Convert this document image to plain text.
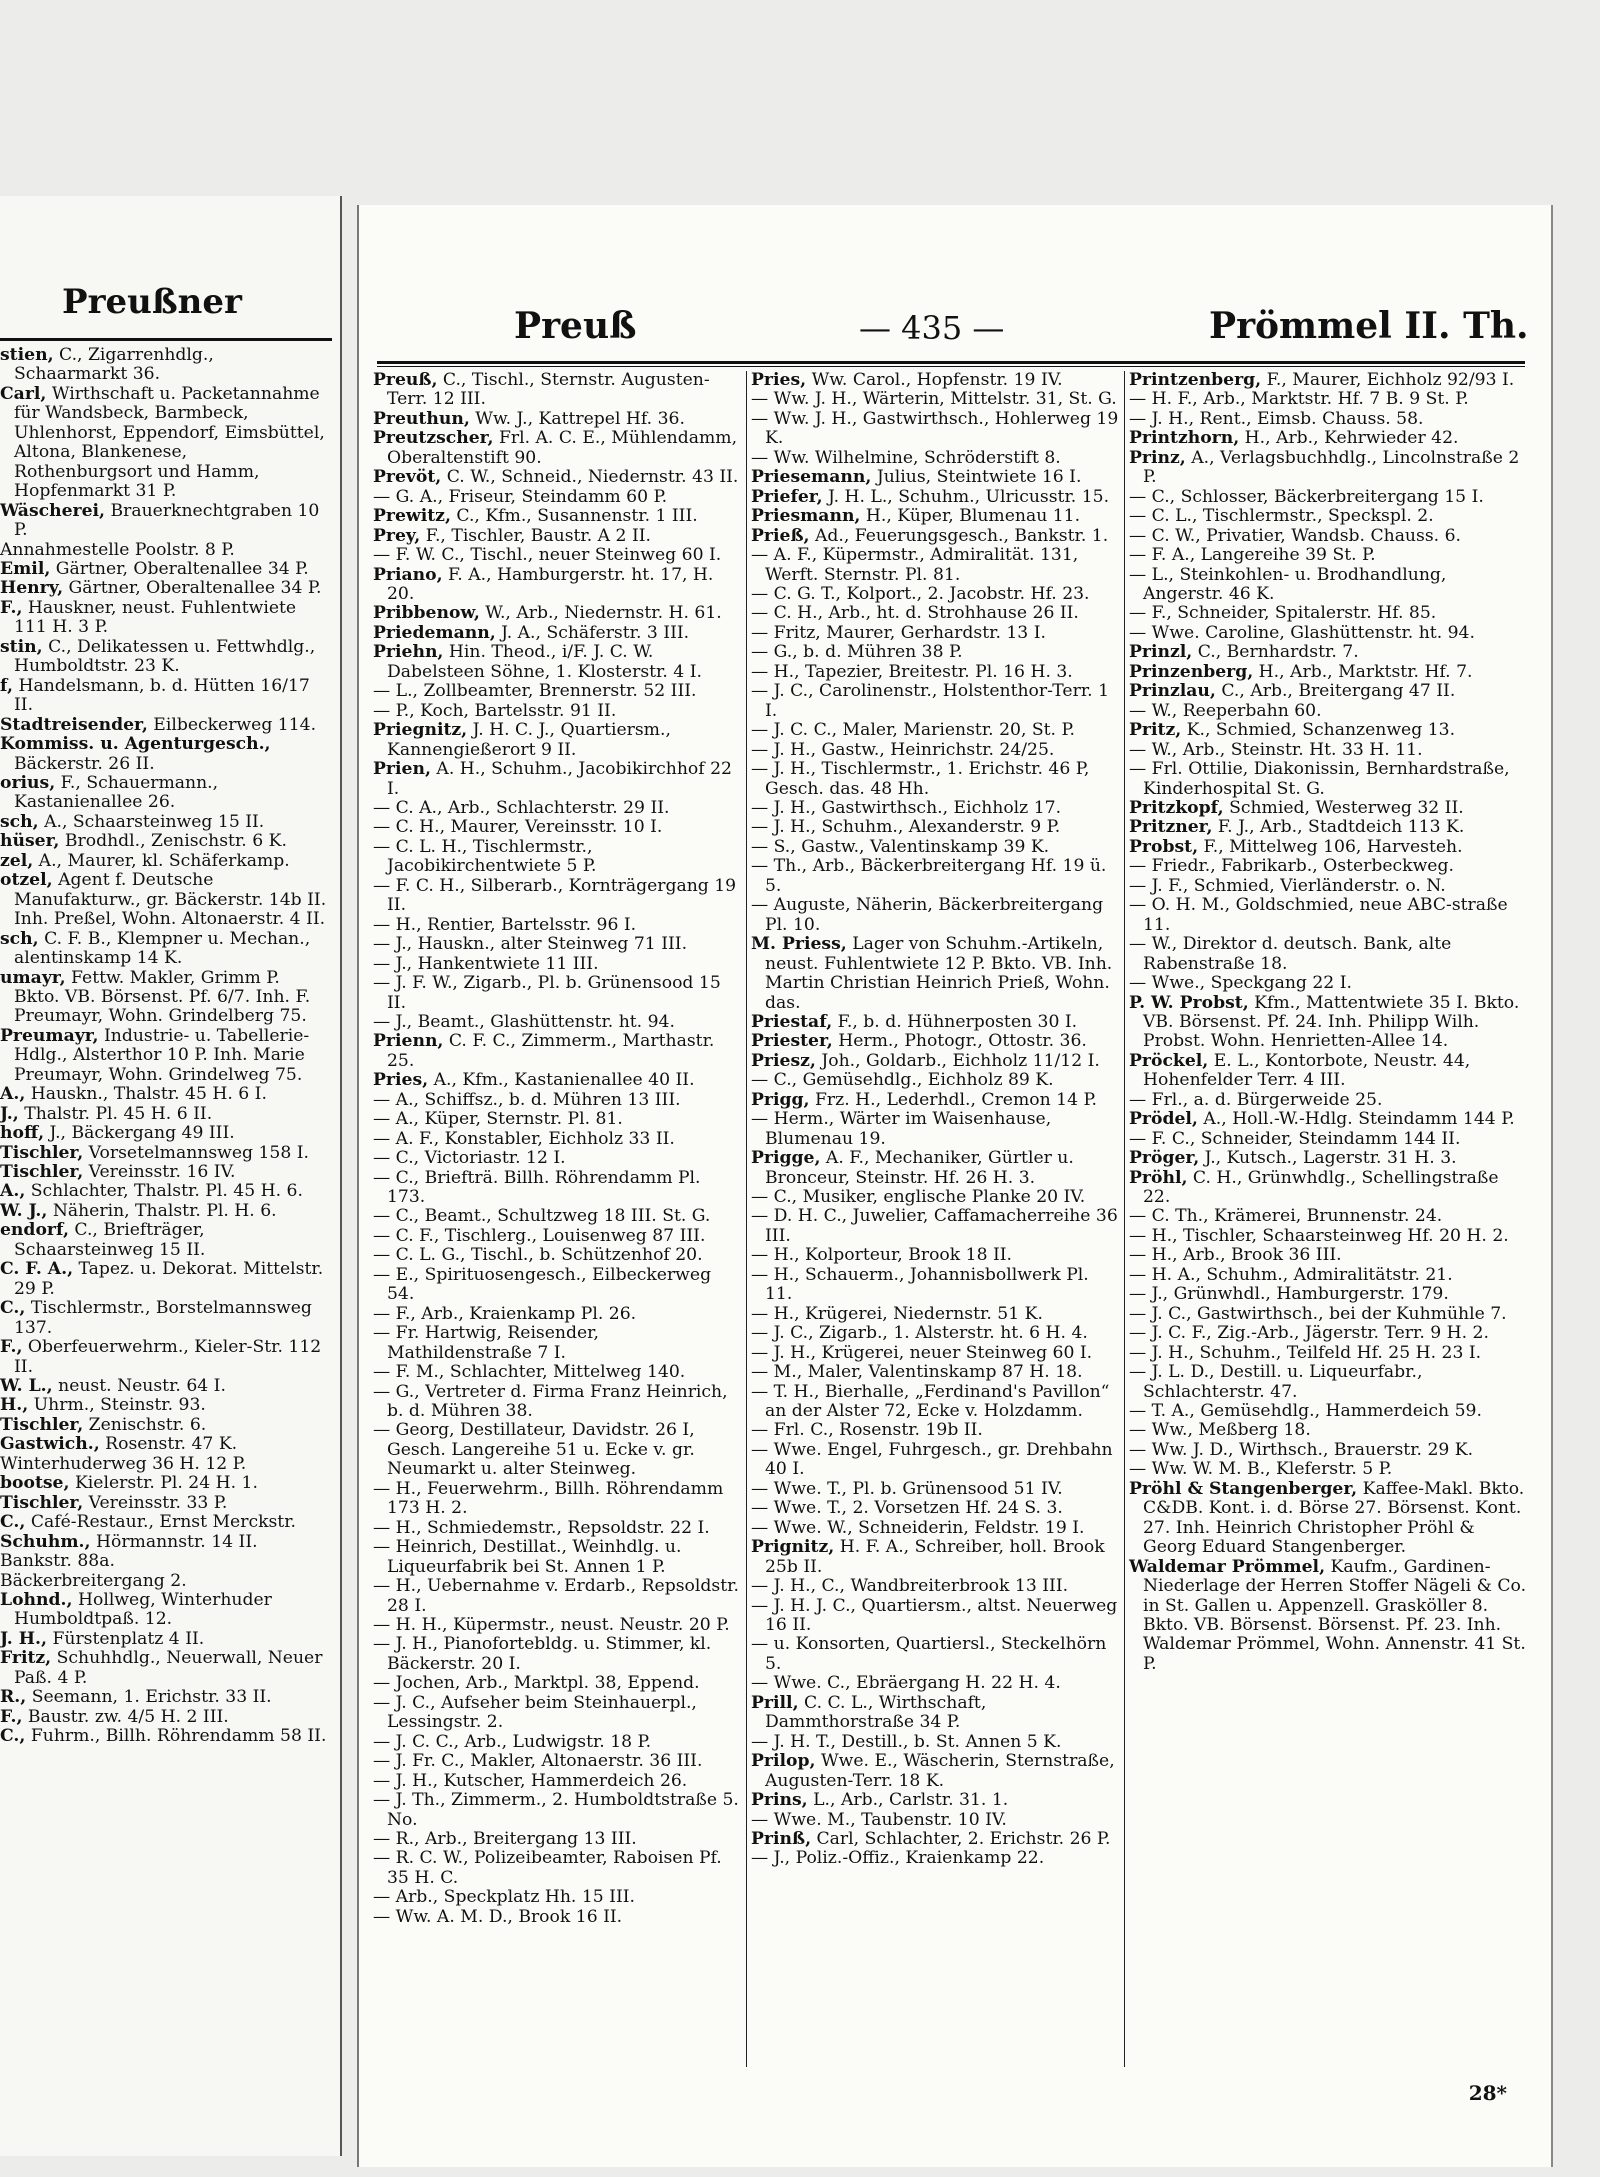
Preußner
stien, C., Zigarrenhdlg., Schaarmarkt 36.
Carl, Wirthschaft u. Packetannahme für Wandsbeck, Barmbeck, Uhlenhorst, Eppendorf, Eimsbüttel, Altona, Blankenese, Rothenburgsort und Hamm, Hopfenmarkt 31 P.
Wäscherei, Brauerknechtgraben 10 P.
Annahmestelle Poolstr. 8 P.
Emil, Gärtner, Oberaltenallee 34 P.
Henry, Gärtner, Oberaltenallee 34 P.
F., Hauskner, neust. Fuhlentwiete 111 H. 3 P.
stin, C., Delikatessen u. Fettwhdlg., Humboldtstr. 23 K.
f, Handelsmann, b. d. Hütten 16/17 II.
Stadtreisender, Eilbeckerweg 114.
Kommiss. u. Agenturgesch., Bäckerstr. 26 II.
orius, F., Schauermann., Kastanienallee 26.
sch, A., Schaarsteinweg 15 II.
hüser, Brodhdl., Zenischstr. 6 K.
zel, A., Maurer, kl. Schäferkamp.
otzel, Agent f. Deutsche Manufakturw., gr. Bäckerstr. 14b II. Inh. Preßel, Wohn. Altonaerstr. 4 II.
sch, C. F. B., Klempner u. Mechan., alentinskamp 14 K.
umayr, Fettw. Makler, Grimm P. Bkto. VB. Börsenst. Pf. 6/7. Inh. F. Preumayr, Wohn. Grindelberg 75.
Preumayr, Industrie- u. Tabellerie-Hdlg., Alsterthor 10 P. Inh. Marie Preumayr, Wohn. Grindelweg 75.
A., Hauskn., Thalstr. 45 H. 6 I.
J., Thalstr. Pl. 45 H. 6 II.
hoff, J., Bäckergang 49 III.
Tischler, Vorsetelmannsweg 158 I.
Tischler, Vereinsstr. 16 IV.
A., Schlachter, Thalstr. Pl. 45 H. 6.
W. J., Näherin, Thalstr. Pl. H. 6.
endorf, C., Briefträger, Schaarsteinweg 15 II.
C. F. A., Tapez. u. Dekorat. Mittelstr. 29 P.
C., Tischlermstr., Borstelmannsweg 137.
F., Oberfeuerwehrm., Kieler-Str. 112 II.
W. L., neust. Neustr. 64 I.
H., Uhrm., Steinstr. 93.
Tischler, Zenischstr. 6.
Gastwich., Rosenstr. 47 K.
Winterhuderweg 36 H. 12 P.
bootse, Kielerstr. Pl. 24 H. 1.
Tischler, Vereinsstr. 33 P.
C., Café-Restaur., Ernst Merckstr.
Schuhm., Hörmannstr. 14 II.
Bankstr. 88a.
Bäckerbreitergang 2.
Lohnd., Hollweg, Winterhuder Humboldtpaß. 12.
J. H., Fürstenplatz 4 II.
Fritz, Schuhhdlg., Neuerwall, Neuer Paß. 4 P.
R., Seemann, 1. Erichstr. 33 II.
F., Baustr. zw. 4/5 H. 2 III.
C., Fuhrm., Billh. Röhrendamm 58 II.
Preuß	— 435 —	Prömmel II. Th.
Preuß, C., Tischl., Sternstr. Augusten-Terr. 12 III.
Preuthun, Ww. J., Kattrepel Hf. 36.
Preutzscher, Frl. A. C. E., Mühlendamm, Oberaltenstift 90.
Prevöt, C. W., Schneid., Niedernstr. 43 II.
— G. A., Friseur, Steindamm 60 P.
Prewitz, C., Kfm., Susannenstr. 1 III.
Prey, F., Tischler, Baustr. A 2 II.
— F. W. C., Tischl., neuer Steinweg 60 I.
Priano, F. A., Hamburgerstr. ht. 17, H. 20.
Pribbenow, W., Arb., Niedernstr. H. 61.
Priedemann, J. A., Schäferstr. 3 III.
Priehn, Hin. Theod., i/F. J. C. W. Dabelsteen Söhne, 1. Klosterstr. 4 I.
— L., Zollbeamter, Brennerstr. 52 III.
— P., Koch, Bartelsstr. 91 II.
Priegnitz, J. H. C. J., Quartiersm., Kannengießerort 9 II.
Prien, A. H., Schuhm., Jacobikirchhof 22 I.
— C. A., Arb., Schlachterstr. 29 II.
— C. H., Maurer, Vereinsstr. 10 I.
— C. L. H., Tischlermstr., Jacobikirchentwiete 5 P.
— F. C. H., Silberarb., Kornträgergang 19 II.
— H., Rentier, Bartelsstr. 96 I.
— J., Hauskn., alter Steinweg 71 III.
— J., Hankentwiete 11 III.
— J. F. W., Zigarb., Pl. b. Grünensood 15 II.
— J., Beamt., Glashüttenstr. ht. 94.
Prienn, C. F. C., Zimmerm., Marthastr. 25.
Pries, A., Kfm., Kastanienallee 40 II.
— A., Schiffsz., b. d. Mühren 13 III.
— A., Küper, Sternstr. Pl. 81.
— A. F., Konstabler, Eichholz 33 II.
— C., Victoriastr. 12 I.
— C., Briefträ. Billh. Röhrendamm Pl. 173.
— C., Beamt., Schultzweg 18 III. St. G.
— C. F., Tischlerg., Louisenweg 87 III.
— C. L. G., Tischl., b. Schützenhof 20.
— E., Spirituosengesch., Eilbeckerweg 54.
— F., Arb., Kraienkamp Pl. 26.
— Fr. Hartwig, Reisender, Mathildenstraße 7 I.
— F. M., Schlachter, Mittelweg 140.
— G., Vertreter d. Firma Franz Heinrich, b. d. Mühren 38.
— Georg, Destillateur, Davidstr. 26 I, Gesch. Langereihe 51 u. Ecke v. gr. Neumarkt u. alter Steinweg.
— H., Feuerwehrm., Billh. Röhrendamm 173 H. 2.
— H., Schmiedemstr., Repsoldstr. 22 I.
— Heinrich, Destillat., Weinhdlg. u. Liqueurfabrik bei St. Annen 1 P.
— H., Uebernahme v. Erdarb., Repsoldstr. 28 I.
— H. H., Küpermstr., neust. Neustr. 20 P.
— J. H., Pianofortebldg. u. Stimmer, kl. Bäckerstr. 20 I.
— Jochen, Arb., Marktpl. 38, Eppend.
— J. C., Aufseher beim Steinhauerpl., Lessingstr. 2.
— J. C. C., Arb., Ludwigstr. 18 P.
— J. Fr. C., Makler, Altonaerstr. 36 III.
— J. H., Kutscher, Hammerdeich 26.
— J. Th., Zimmerm., 2. Humboldtstraße 5. No.
— R., Arb., Breitergang 13 III.
— R. C. W., Polizeibeamter, Raboisen Pf. 35 H. C.
— Arb., Speckplatz Hh. 15 III.
— Ww. A. M. D., Brook 16 II.
Pries, Ww. Carol., Hopfenstr. 19 IV.
— Ww. J. H., Wärterin, Mittelstr. 31, St. G.
— Ww. J. H., Gastwirthsch., Hohlerweg 19 K.
— Ww. Wilhelmine, Schröderstift 8.
Priesemann, Julius, Steintwiete 16 I.
Priefer, J. H. L., Schuhm., Ulricusstr. 15.
Priesmann, H., Küper, Blumenau 11.
Prieß, Ad., Feuerungsgesch., Bankstr. 1.
— A. F., Küpermstr., Admiralität. 131, Werft. Sternstr. Pl. 81.
— C. G. T., Kolport., 2. Jacobstr. Hf. 23.
— C. H., Arb., ht. d. Strohhause 26 II.
— Fritz, Maurer, Gerhardstr. 13 I.
— G., b. d. Mühren 38 P.
— H., Tapezier, Breitestr. Pl. 16 H. 3.
— J. C., Carolinenstr., Holstenthor-Terr. 1 I.
— J. C. C., Maler, Marienstr. 20, St. P.
— J. H., Gastw., Heinrichstr. 24/25.
— J. H., Tischlermstr., 1. Erichstr. 46 P, Gesch. das. 48 Hh.
— J. H., Gastwirthsch., Eichholz 17.
— J. H., Schuhm., Alexanderstr. 9 P.
— S., Gastw., Valentinskamp 39 K.
— Th., Arb., Bäckerbreitergang Hf. 19 ü. 5.
— Auguste, Näherin, Bäckerbreitergang Pl. 10.
M. Priess, Lager von Schuhm.-Artikeln, neust. Fuhlentwiete 12 P. Bkto. VB. Inh. Martin Christian Heinrich Prieß, Wohn. das.
Priestaf, F., b. d. Hühnerposten 30 I.
Priester, Herm., Photogr., Ottostr. 36.
Priesz, Joh., Goldarb., Eichholz 11/12 I.
— C., Gemüsehdlg., Eichholz 89 K.
Prigg, Frz. H., Lederhdl., Cremon 14 P.
— Herm., Wärter im Waisenhause, Blumenau 19.
Prigge, A. F., Mechaniker, Gürtler u. Bronceur, Steinstr. Hf. 26 H. 3.
— C., Musiker, englische Planke 20 IV.
— D. H. C., Juwelier, Caffamacherreihe 36 III.
— H., Kolporteur, Brook 18 II.
— H., Schauerm., Johannisbollwerk Pl. 11.
— H., Krügerei, Niedernstr. 51 K.
— J. C., Zigarb., 1. Alsterstr. ht. 6 H. 4.
— J. H., Krügerei, neuer Steinweg 60 I.
— M., Maler, Valentinskamp 87 H. 18.
— T. H., Bierhalle, „Ferdinand's Pavillon“ an der Alster 72, Ecke v. Holzdamm.
— Frl. C., Rosenstr. 19b II.
— Wwe. Engel, Fuhrgesch., gr. Drehbahn 40 I.
— Wwe. T., Pl. b. Grünensood 51 IV.
— Wwe. T., 2. Vorsetzen Hf. 24 S. 3.
— Wwe. W., Schneiderin, Feldstr. 19 I.
Prignitz, H. F. A., Schreiber, holl. Brook 25b II.
— J. H., C., Wandbreiterbrook 13 III.
— J. H. J. C., Quartiersm., altst. Neuerweg 16 II.
— u. Konsorten, Quartiersl., Steckelhörn 5.
— Wwe. C., Ebräergang H. 22 H. 4.
Prill, C. C. L., Wirthschaft, Dammthorstraße 34 P.
— J. H. T., Destill., b. St. Annen 5 K.
Prilop, Wwe. E., Wäscherin, Sternstraße, Augusten-Terr. 18 K.
Prins, L., Arb., Carlstr. 31. 1.
— Wwe. M., Taubenstr. 10 IV.
Prinß, Carl, Schlachter, 2. Erichstr. 26 P.
— J., Poliz.-Offiz., Kraienkamp 22.
Printzenberg, F., Maurer, Eichholz 92/93 I.
— H. F., Arb., Marktstr. Hf. 7 B. 9 St. P.
— J. H., Rent., Eimsb. Chauss. 58.
Printzhorn, H., Arb., Kehrwieder 42.
Prinz, A., Verlagsbuchhdlg., Lincolnstraße 2 P.
— C., Schlosser, Bäckerbreitergang 15 I.
— C. L., Tischlermstr., Speckspl. 2.
— C. W., Privatier, Wandsb. Chauss. 6.
— F. A., Langereihe 39 St. P.
— L., Steinkohlen- u. Brodhandlung, Angerstr. 46 K.
— F., Schneider, Spitalerstr. Hf. 85.
— Wwe. Caroline, Glashüttenstr. ht. 94.
Prinzl, C., Bernhardstr. 7.
Prinzenberg, H., Arb., Marktstr. Hf. 7.
Prinzlau, C., Arb., Breitergang 47 II.
— W., Reeperbahn 60.
Pritz, K., Schmied, Schanzenweg 13.
— W., Arb., Steinstr. Ht. 33 H. 11.
— Frl. Ottilie, Diakonissin, Bernhardstraße, Kinderhospital St. G.
Pritzkopf, Schmied, Westerweg 32 II.
Pritzner, F. J., Arb., Stadtdeich 113 K.
Probst, F., Mittelweg 106, Harvesteh.
— Friedr., Fabrikarb., Osterbeckweg.
— J. F., Schmied, Vierländerstr. o. N.
— O. H. M., Goldschmied, neue ABC-straße 11.
— W., Direktor d. deutsch. Bank, alte Rabenstraße 18.
— Wwe., Speckgang 22 I.
P. W. Probst, Kfm., Mattentwiete 35 I. Bkto. VB. Börsenst. Pf. 24. Inh. Philipp Wilh. Probst. Wohn. Henrietten-Allee 14.
Pröckel, E. L., Kontorbote, Neustr. 44, Hohenfelder Terr. 4 III.
— Frl., a. d. Bürgerweide 25.
Prödel, A., Holl.-W.-Hdlg. Steindamm 144 P.
— F. C., Schneider, Steindamm 144 II.
Pröger, J., Kutsch., Lagerstr. 31 H. 3.
Pröhl, C. H., Grünwhdlg., Schellingstraße 22.
— C. Th., Krämerei, Brunnenstr. 24.
— H., Tischler, Schaarsteinweg Hf. 20 H. 2.
— H., Arb., Brook 36 III.
— H. A., Schuhm., Admiralitätstr. 21.
— J., Grünwhdl., Hamburgerstr. 179.
— J. C., Gastwirthsch., bei der Kuhmühle 7.
— J. C. F., Zig.-Arb., Jägerstr. Terr. 9 H. 2.
— J. H., Schuhm., Teilfeld Hf. 25 H. 23 I.
— J. L. D., Destill. u. Liqueurfabr., Schlachterstr. 47.
— T. A., Gemüsehdlg., Hammerdeich 59.
— Ww., Meßberg 18.
— Ww. J. D., Wirthsch., Brauerstr. 29 K.
— Ww. W. M. B., Kleferstr. 5 P.
Pröhl & Stangenberger, Kaffee-Makl. Bkto. C&DB. Kont. i. d. Börse 27. Börsenst. Kont. 27. Inh. Heinrich Christopher Pröhl & Georg Eduard Stangenberger.
Waldemar Prömmel, Kaufm., Gardinen-Niederlage der Herren Stoffer Nägeli & Co. in St. Gallen u. Appenzell. Grasköller 8. Bkto. VB. Börsenst. Börsenst. Pf. 23. Inh. Waldemar Prömmel, Wohn. Annenstr. 41 St. P.
28*
